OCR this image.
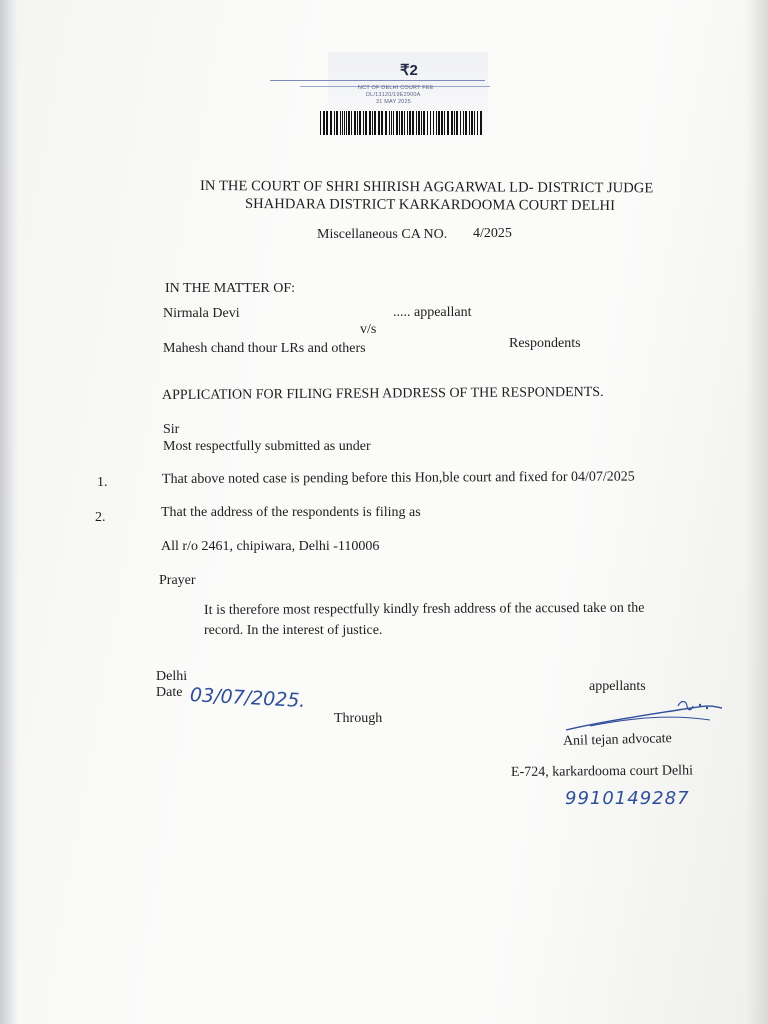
₹2
NCT OF DELHI COURT FEE
DL/13120/19E2900A
31 MAY 2025
IN THE COURT OF SHRI SHIRISH AGGARWAL LD- DISTRICT JUDGE
SHAHDARA DISTRICT KARKARDOOMA COURT DELHI
Miscellaneous CA NO. 4/2025
IN THE MATTER OF:
Nirmala Devi	..... appeallant
v/s
Mahesh chand thour LRs and others	Respondents
APPLICATION FOR FILING FRESH ADDRESS OF THE RESPONDENTS.
Sir
Most respectfully submitted as under
1.	That above noted case is pending before this Hon,ble court and fixed for 04/07/2025
2.	That the address of the respondents is filing as
All r/o 2461, chipiwara, Delhi -110006
Prayer
It is therefore most respectfully kindly fresh address of the accused take on the
record. In the interest of justice.
Delhi
Date 03/07/2025.
Through
appellants
Anil tejan advocate
E-724, karkardooma court Delhi
9910149287
